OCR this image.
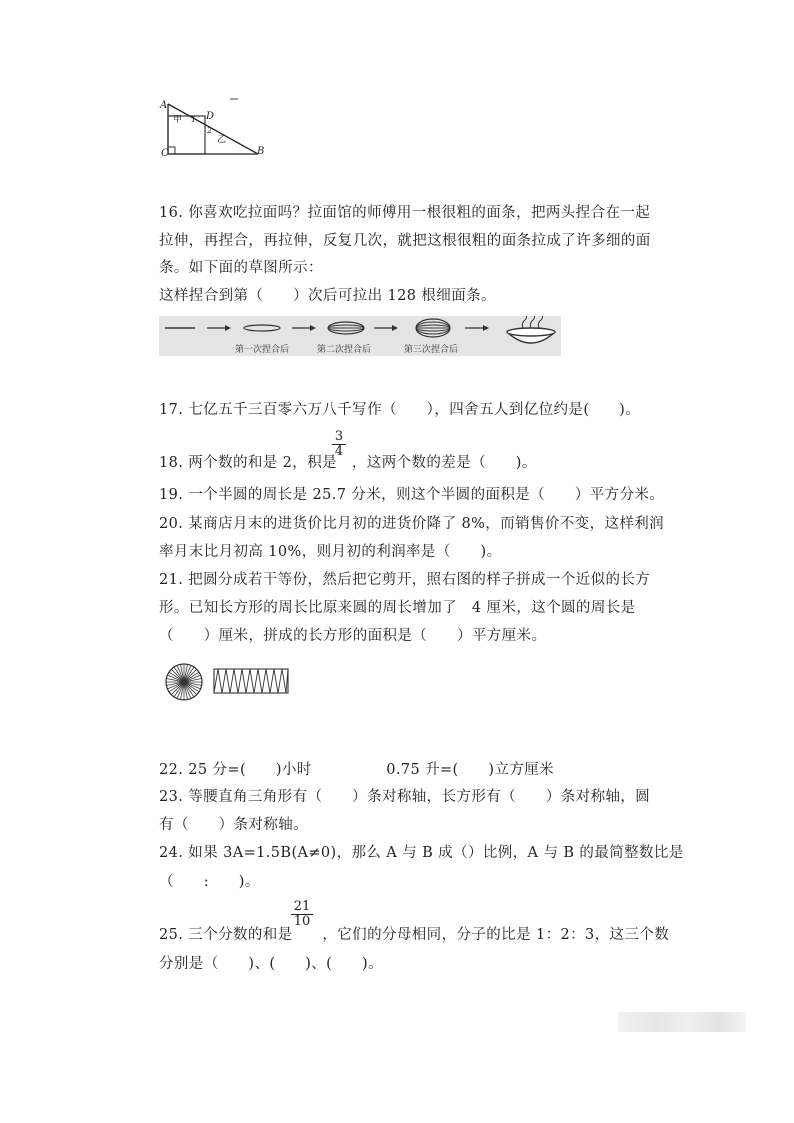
A
C	B
D
甲 1
2
乙
16. 你喜欢吃拉面吗？拉面馆的师傅用一根很粗的面条，把两头捏合在一起
拉伸，再捏合，再拉伸，反复几次，就把这根很粗的面条拉成了许多细的面
条。如下面的草图所示：
这样捏合到第（　　）次后可拉出 128 根细面条。
第一次捏合后	第二次捏合后	第三次捏合后
17. 七亿五千三百零六万八千写作（　　），四舍五人到亿位约是(　　)。
3
4
18. 两个数的和是 2，积是　，这两个数的差是（　　)。
19. 一个半圆的周长是 25.7 分米，则这个半圆的面积是（　　）平方分米。
20. 某商店月末的进货价比月初的进货价降了 8%，而销售价不变，这样利润
率月末比月初高 10%，则月初的利润率是（　　)。
21. 把圆分成若干等份，然后把它剪开，照右图的样子拼成一个近似的长方
形。已知长方形的周长比原来圆的周长增加了　4 厘米，这个圆的周长是
（　　）厘米，拼成的长方形的面积是（　　）平方厘米。
22. 25 分=(　　)小时　　　　　0.75 升=(　　)立方厘米
23. 等腰直角三角形有（　　）条对称轴，长方形有（　　）条对称轴，圆
有（　　）条对称轴。
24. 如果 3A=1.5B(A≠0)，那么 A 与 B 成（）比例，A 与 B 的最简整数比是
（　　:　　)。
21
10
25. 三个分数的和是　　，它们的分母相同，分子的比是 1：2：3，这三个数
分别是（　　)、(　　)、(　　)。
